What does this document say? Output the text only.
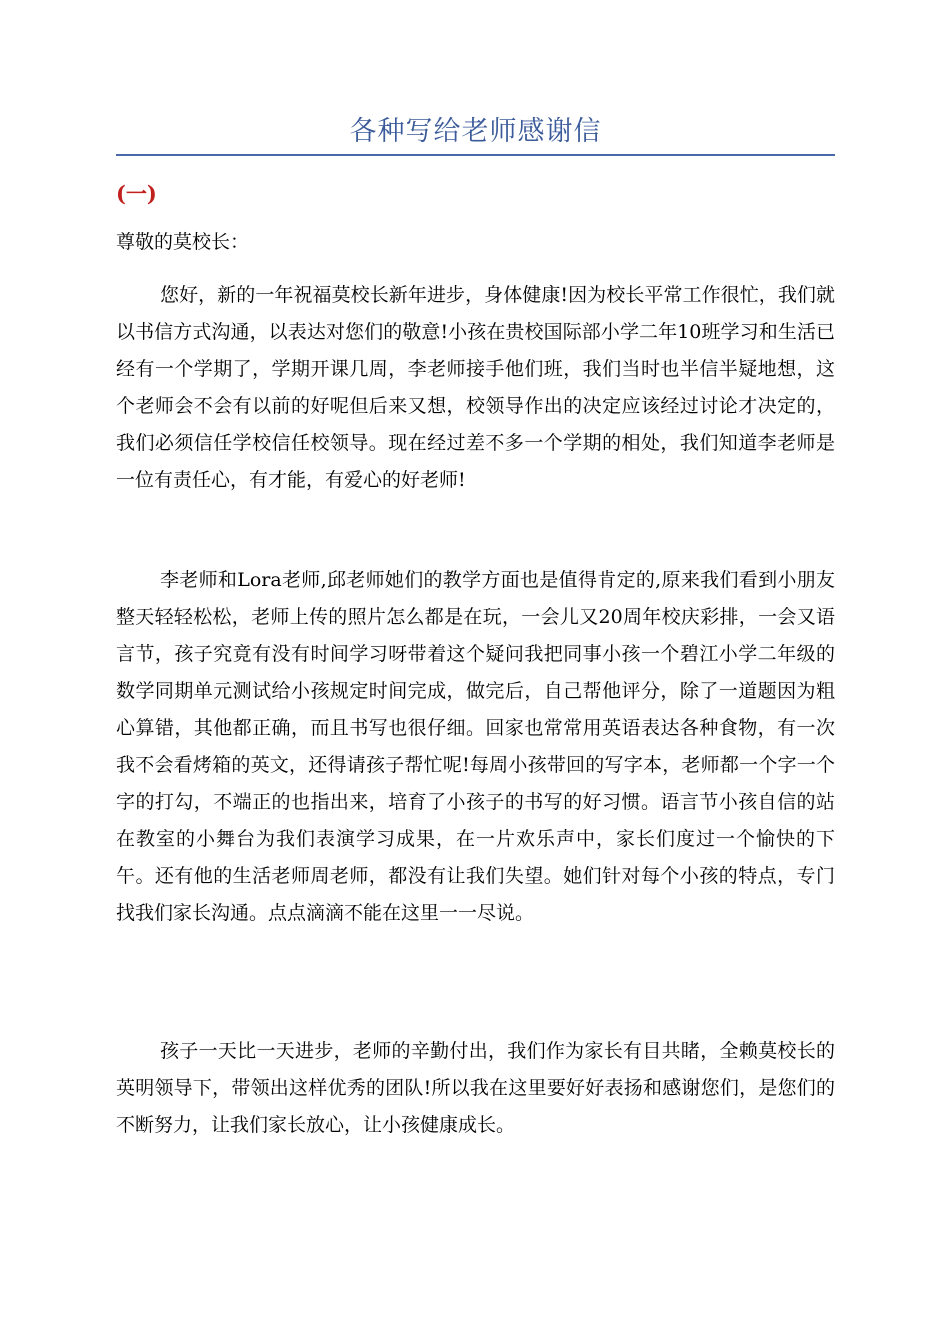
各种写给老师感谢信
(一)
尊敬的莫校长：

您好，新的一年祝福莫校长新年进步，身体健康!因为校长平常工作很忙，我们就以书信方式沟通，以表达对您们的敬意!小孩在贵校国际部小学二年10班学习和生活已经有一个学期了，学期开课几周，李老师接手他们班，我们当时也半信半疑地想，这个老师会不会有以前的好呢但后来又想，校领导作出的决定应该经过讨论才决定的，我们必须信任学校信任校领导。现在经过差不多一个学期的相处，我们知道李老师是一位有责任心，有才能，有爱心的好老师!

李老师和Lora老师,邱老师她们的教学方面也是值得肯定的,原来我们看到小朋友整天轻轻松松，老师上传的照片怎么都是在玩，一会儿又20周年校庆彩排，一会又语言节，孩子究竟有没有时间学习呀带着这个疑问我把同事小孩一个碧江小学二年级的数学同期单元测试给小孩规定时间完成，做完后，自己帮他评分，除了一道题因为粗心算错，其他都正确，而且书写也很仔细。回家也常常用英语表达各种食物，有一次我不会看烤箱的英文，还得请孩子帮忙呢!每周小孩带回的写字本，老师都一个字一个字的打勾，不端正的也指出来，培育了小孩子的书写的好习惯。语言节小孩自信的站在教室的小舞台为我们表演学习成果，在一片欢乐声中，家长们度过一个愉快的下午。还有他的生活老师周老师，都没有让我们失望。她们针对每个小孩的特点，专门找我们家长沟通。点点滴滴不能在这里一一尽说。

孩子一天比一天进步，老师的辛勤付出，我们作为家长有目共睹，全赖莫校长的英明领导下，带领出这样优秀的团队!所以我在这里要好好表扬和感谢您们，是您们的不断努力，让我们家长放心，让小孩健康成长。
